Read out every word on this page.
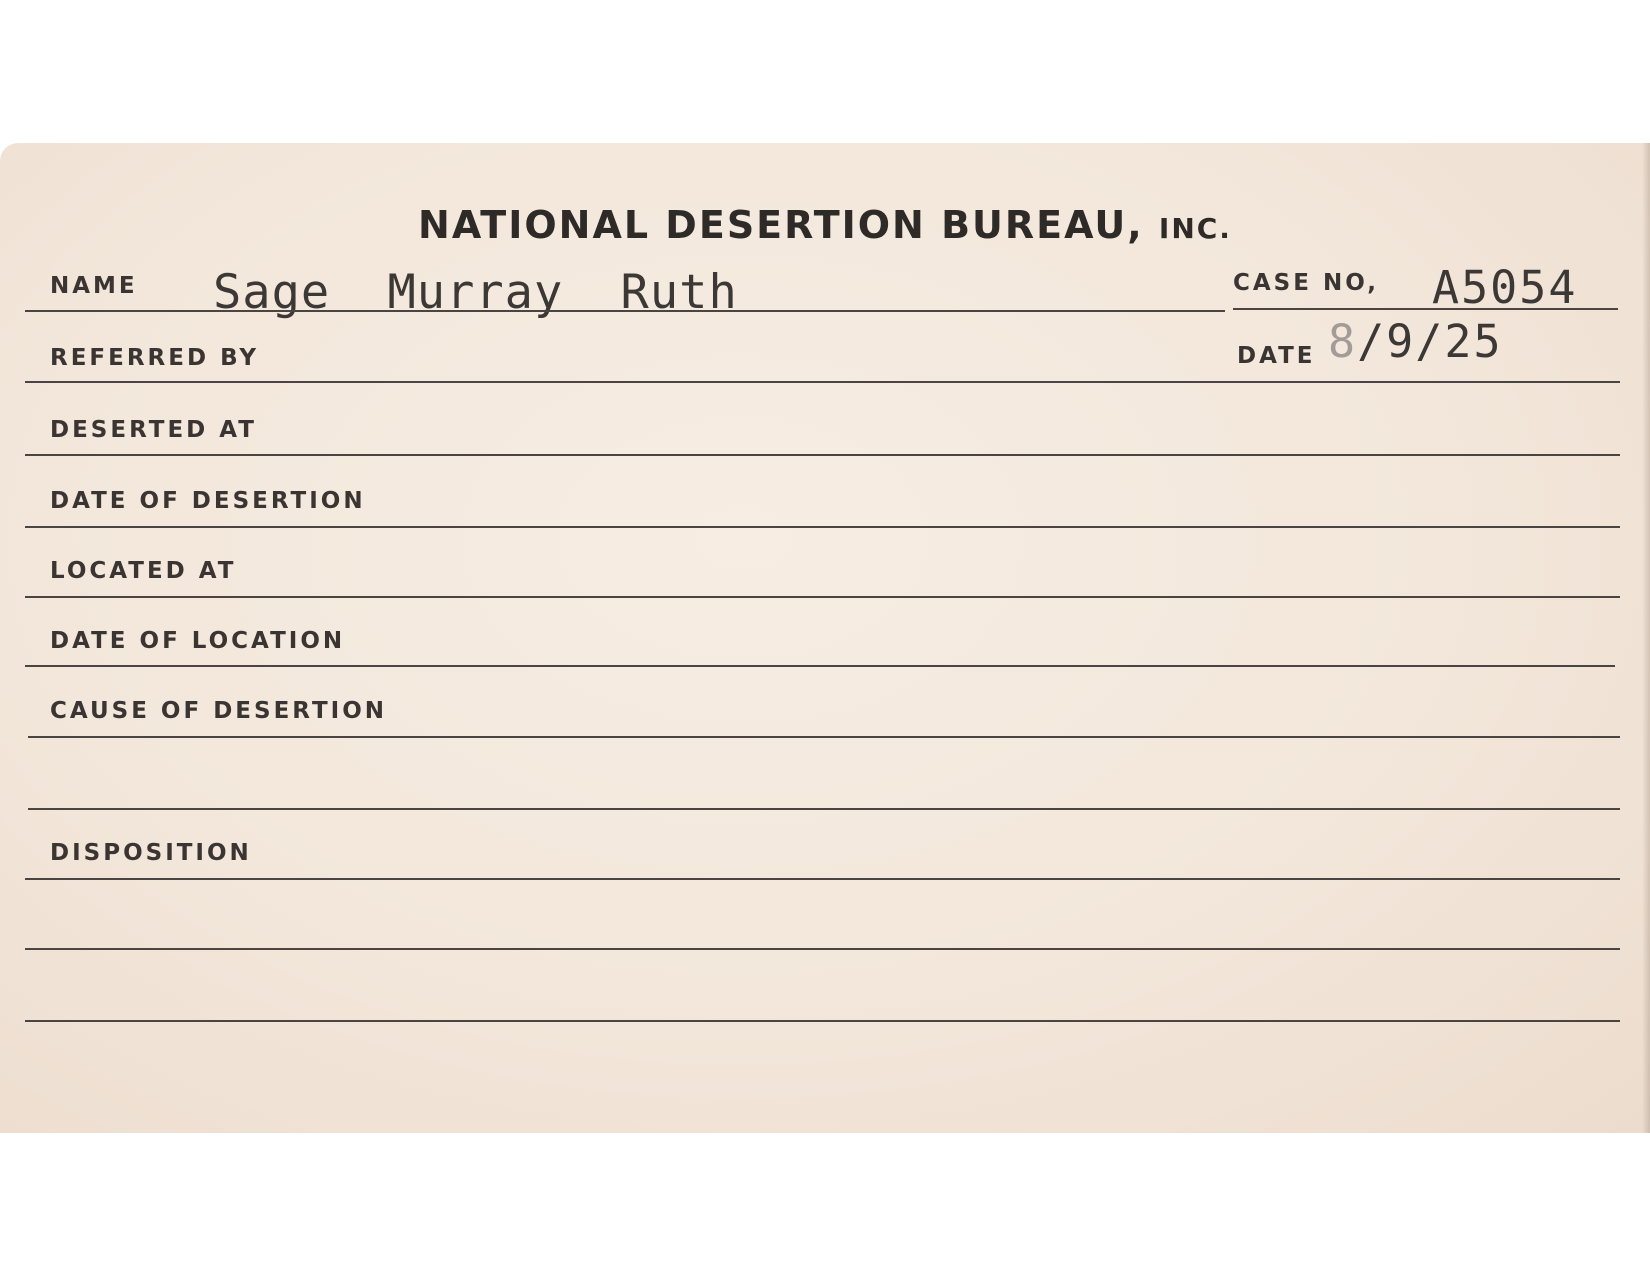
NATIONAL DESERTION BUREAU, INC.
NAME Sage Murray Ruth	CASE NO, A5054
REFERRED BY	DATE 8/9/25
DESERTED AT
DATE OF DESERTION
LOCATED AT
DATE OF LOCATION
CAUSE OF DESERTION
DISPOSITION
